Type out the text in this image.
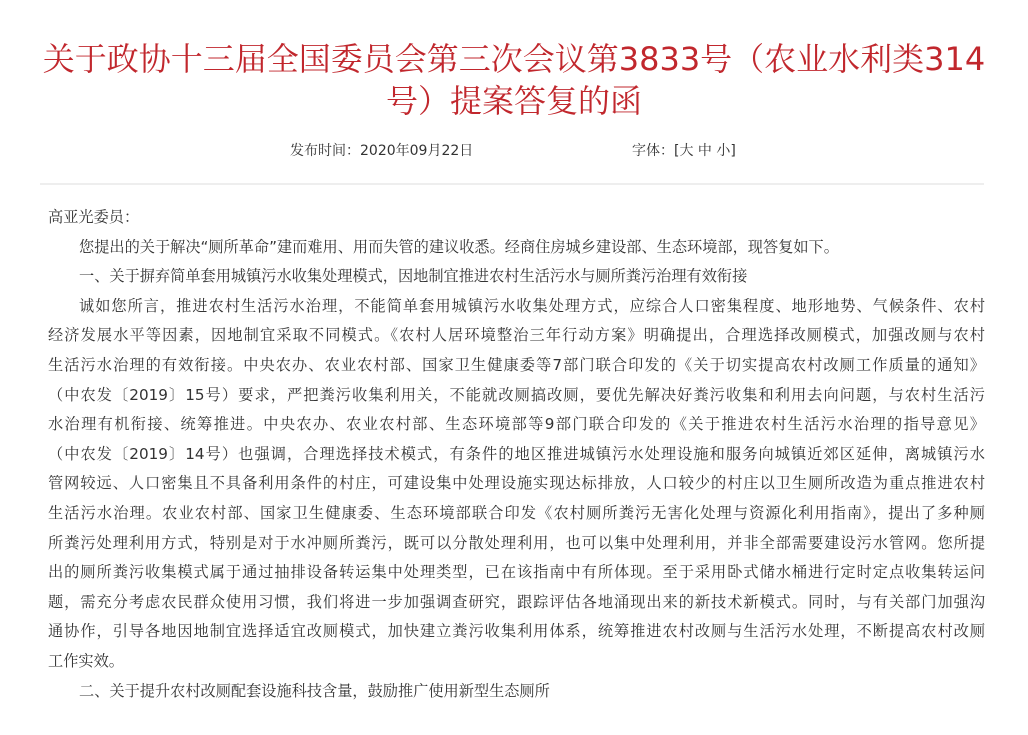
关于政协十三届全国委员会第三次会议第3833号（农业水利类314
号）提案答复的函
发布时间：2020年09月22日	字体：[大 中 小]
高亚光委员：
您提出的关于解决“厕所革命”建而难用、用而失管的建议收悉。经商住房城乡建设部、生态环境部，现答复如下。
一、关于摒弃简单套用城镇污水收集处理模式，因地制宜推进农村生活污水与厕所粪污治理有效衔接
诚如您所言，推进农村生活污水治理，不能简单套用城镇污水收集处理方式，应综合人口密集程度、地形地势、气候条件、农村
经济发展水平等因素，因地制宜采取不同模式。《农村人居环境整治三年行动方案》明确提出，合理选择改厕模式，加强改厕与农村
生活污水治理的有效衔接。中央农办、农业农村部、国家卫生健康委等7部门联合印发的《关于切实提高农村改厕工作质量的通知》
（中农发〔2019〕15号）要求，严把粪污收集利用关，不能就改厕搞改厕，要优先解决好粪污收集和利用去向问题，与农村生活污
水治理有机衔接、统筹推进。中央农办、农业农村部、生态环境部等9部门联合印发的《关于推进农村生活污水治理的指导意见》
（中农发〔2019〕14号）也强调，合理选择技术模式，有条件的地区推进城镇污水处理设施和服务向城镇近郊区延伸，离城镇污水
管网较远、人口密集且不具备利用条件的村庄，可建设集中处理设施实现达标排放，人口较少的村庄以卫生厕所改造为重点推进农村
生活污水治理。农业农村部、国家卫生健康委、生态环境部联合印发《农村厕所粪污无害化处理与资源化利用指南》，提出了多种厕
所粪污处理利用方式，特别是对于水冲厕所粪污，既可以分散处理利用，也可以集中处理利用，并非全部需要建设污水管网。您所提
出的厕所粪污收集模式属于通过抽排设备转运集中处理类型，已在该指南中有所体现。至于采用卧式储水桶进行定时定点收集转运问
题，需充分考虑农民群众使用习惯，我们将进一步加强调查研究，跟踪评估各地涌现出来的新技术新模式。同时，与有关部门加强沟
通协作，引导各地因地制宜选择适宜改厕模式，加快建立粪污收集利用体系，统筹推进农村改厕与生活污水处理，不断提高农村改厕
工作实效。
二、关于提升农村改厕配套设施科技含量，鼓励推广使用新型生态厕所
